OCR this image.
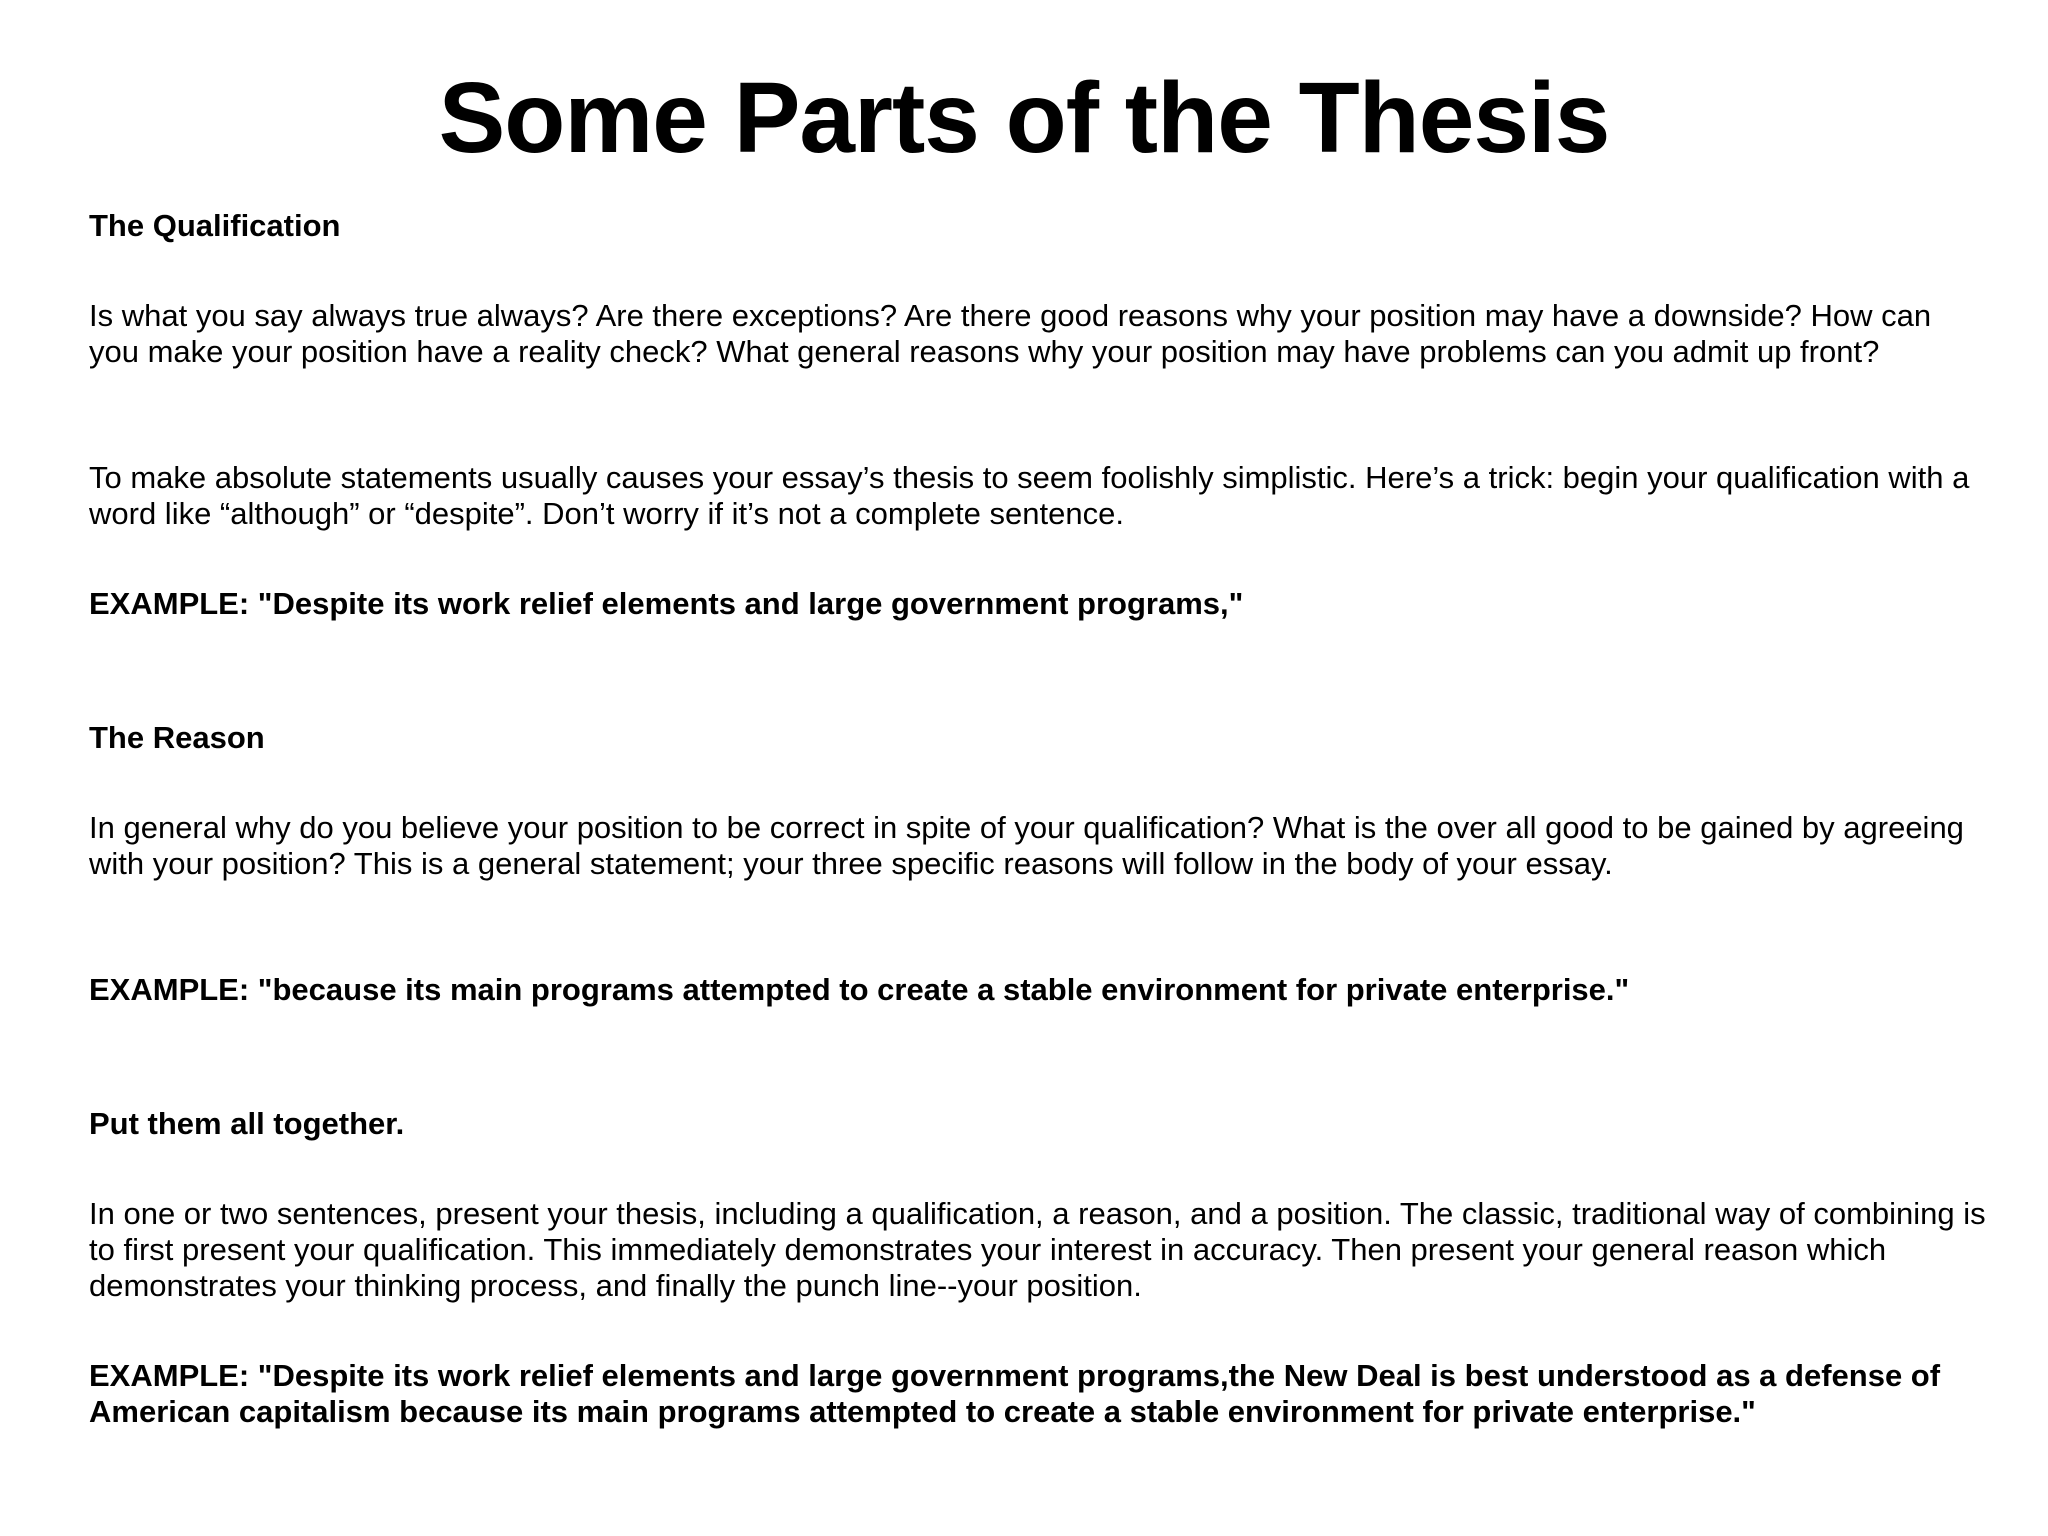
Some Parts of the Thesis

The Qualification

Is what you say always true always? Are there exceptions? Are there good reasons why your position may have a downside? How can you make your position have a reality check? What general reasons why your position may have problems can you admit up front?

To make absolute statements usually causes your essay’s thesis to seem foolishly simplistic. Here’s a trick: begin your qualification with a word like “although” or “despite”. Don’t worry if it’s not a complete sentence.

EXAMPLE: "Despite its work relief elements and large government programs,"

The Reason

In general why do you believe your position to be correct in spite of your qualification? What is the over all good to be gained by agreeing with your position? This is a general statement; your three specific reasons will follow in the body of your essay.

EXAMPLE: "because its main programs attempted to create a stable environment for private enterprise."

Put them all together.

In one or two sentences, present your thesis, including a qualification, a reason, and a position. The classic, traditional way of combining is to first present your qualification. This immediately demonstrates your interest in accuracy. Then present your general reason which demonstrates your thinking process, and finally the punch line--your position.

EXAMPLE: "Despite its work relief elements and large government programs,the New Deal is best understood as a defense of American capitalism because its main programs attempted to create a stable environment for private enterprise."
